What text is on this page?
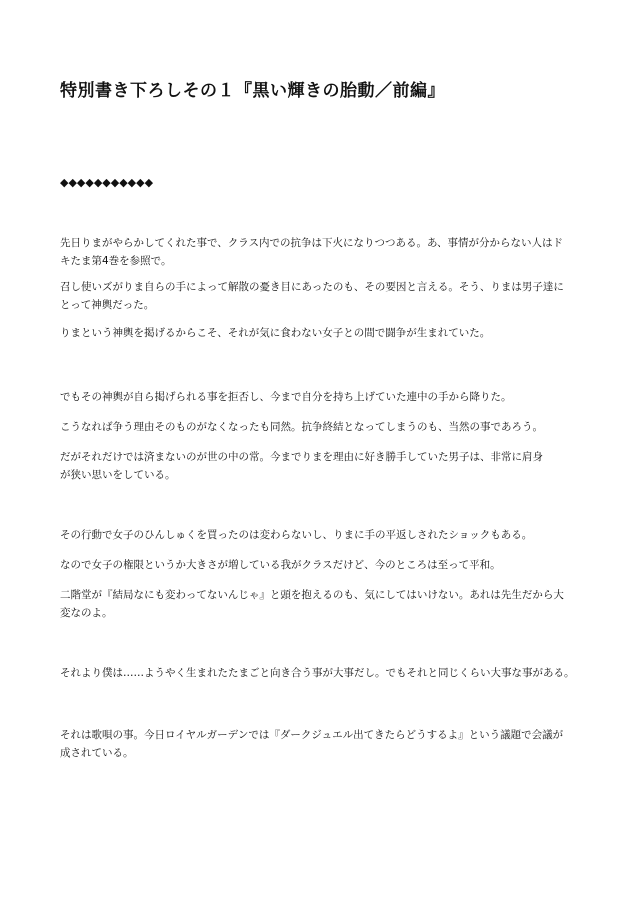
特別書き下ろしその１『黒い輝きの胎動／前編』
◆◆◆◆◆◆◆◆◆◆◆

先日りまがやらかしてくれた事で、クラス内での抗争は下火になりつつある。あ、事情が分からない人はド
キたま第4巻を参照で。

召し使いズがりま自らの手によって解散の憂き目にあったのも、その要因と言える。そう、りまは男子達に
とって神輿だった。

りまという神輿を掲げるからこそ、それが気に食わない女子との間で闘争が生まれていた。

でもその神輿が自ら掲げられる事を拒否し、今まで自分を持ち上げていた連中の手から降りた。

こうなれば争う理由そのものがなくなったも同然。抗争終結となってしまうのも、当然の事であろう。

だがそれだけでは済まないのが世の中の常。今までりまを理由に好き勝手していた男子は、非常に肩身
が狭い思いをしている。

その行動で女子のひんしゅくを買ったのは変わらないし、りまに手の平返しされたショックもある。

なので女子の権限というか大きさが増している我がクラスだけど、今のところは至って平和。

二階堂が『結局なにも変わってないんじゃ』と頭を抱えるのも、気にしてはいけない。あれは先生だから大
変なのよ。

それより僕は……ようやく生まれたたまごと向き合う事が大事だし。でもそれと同じくらい大事な事がある。

それは歌唄の事。今日ロイヤルガーデンでは『ダークジュエル出てきたらどうするよ』という議題で会議が
成されている。
